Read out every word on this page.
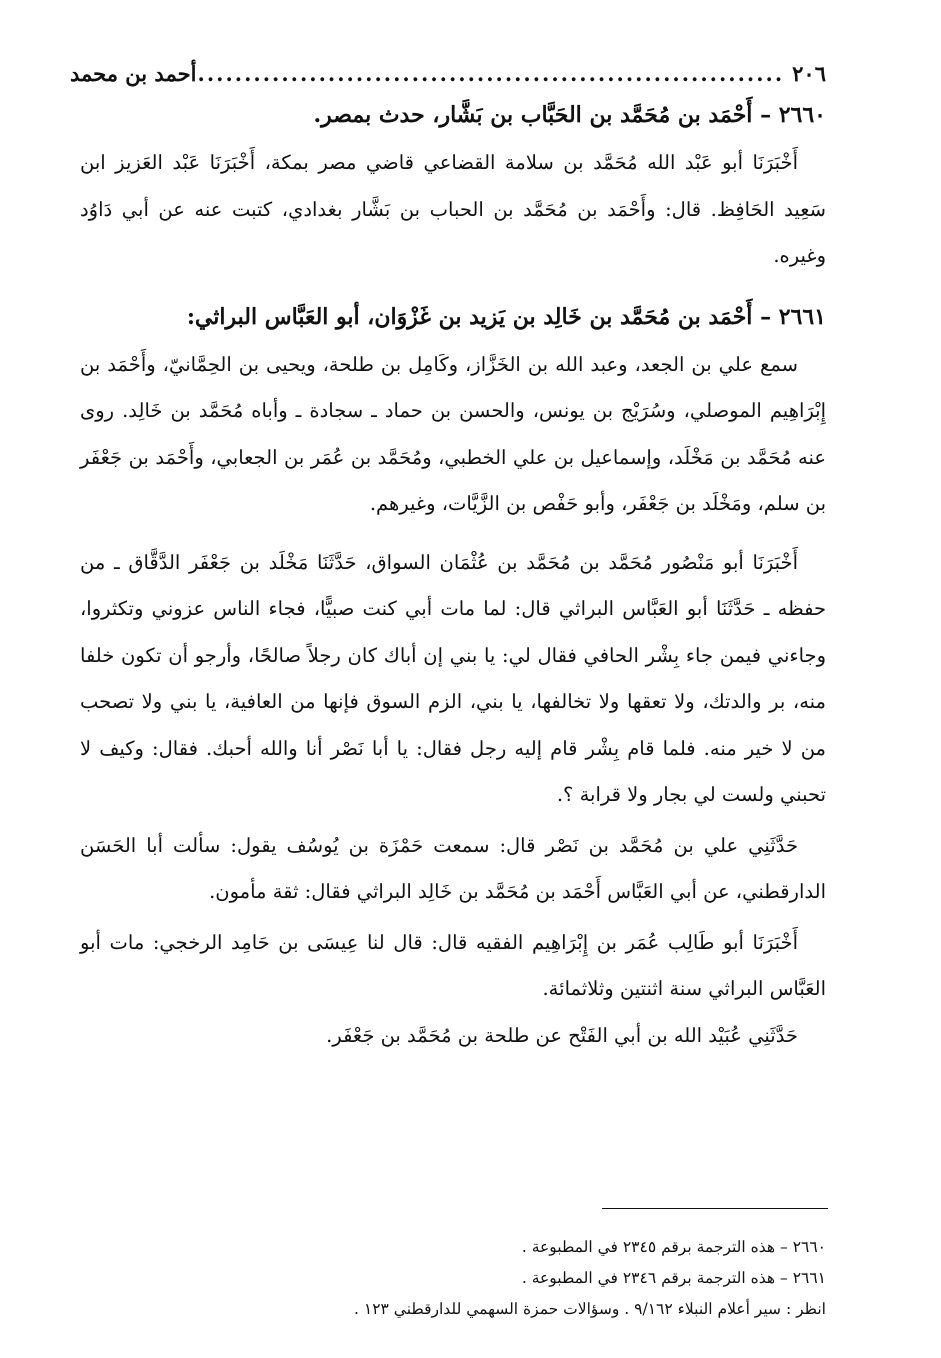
٢٠٦
.....
أحمد بن محمد

٢٦٦٠ – أَحْمَد بن مُحَمَّد بن الحَبَّاب بن بَشَّار، حدث بمصر.

أَخْبَرَنَا أبو عَبْد الله مُحَمَّد بن سلامة القضاعي قاضي مصر بمكة، أَخْبَرَنَا عَبْد العَزيز ابن سَعِيد الحَافِظ. قال: وأَحْمَد بن مُحَمَّد بن الحباب بن بَشَّار بغدادي، كتبت عنه عن أبي دَاوُد وغيره.

٢٦٦١ – أَحْمَد بن مُحَمَّد بن خَالِد بن يَزيد بن غَزْوَان، أبو العَبَّاس البراثي:

سمع علي بن الجعد، وعبد الله بن الخَزَّاز، وكَامِل بن طلحة، ويحيى بن الحِمَّانيّ، وأَحْمَد بن إِبْرَاهِيم الموصلي، وسُرَيْج بن يونس، والحسن بن حماد ـ سجادة ـ وأباه مُحَمَّد بن خَالِد. روى عنه مُحَمَّد بن مَخْلَد، وإسماعيل بن علي الخطبي، ومُحَمَّد بن عُمَر بن الجعابي، وأَحْمَد بن جَعْفَر بن سلم، ومَخْلَد بن جَعْفَر، وأبو حَفْص بن الزَّيَّات، وغيرهم.

أَخْبَرَنَا أبو مَنْصُور مُحَمَّد بن مُحَمَّد بن عُثْمَان السواق، حَدَّثَنَا مَخْلَد بن جَعْفَر الدَّقَّاق ـ من حفظه ـ حَدَّثَنَا أبو العَبَّاس البراثي قال: لما مات أبي كنت صبيًّا، فجاء الناس عزوني وتكثروا، وجاءني فيمن جاء بِشْر الحافي فقال لي: يا بني إن أباك كان رجلاً صالحًا، وأرجو أن تكون خلفا منه، بر والدتك، ولا تعقها ولا تخالفها، يا بني، الزم السوق فإنها من العافية، يا بني ولا تصحب من لا خير منه. فلما قام بِشْر قام إليه رجل فقال: يا أبا نَصْر أنا والله أحبك. فقال: وكيف لا تحبني ولست لي بجار ولا قرابة ؟.

حَدَّثَنِي علي بن مُحَمَّد بن نَصْر قال: سمعت حَمْزَة بن يُوسُف يقول: سألت أبا الحَسَن الدارقطني، عن أبي العَبَّاس أَحْمَد بن مُحَمَّد بن خَالِد البراثي فقال: ثقة مأمون.

أَخْبَرَنَا أبو طَالِب عُمَر بن إِبْرَاهِيم الفقيه قال: قال لنا عِيسَى بن حَامِد الرخجي: مات أبو العَبَّاس البراثي سنة اثنتين وثلاثمائة.

حَدَّثَنِي عُبَيْد الله بن أبي الفَتْح عن طلحة بن مُحَمَّد بن جَعْفَر.

٢٦٦٠ – هذه الترجمة برقم ٢٣٤٥ في المطبوعة .

٢٦٦١ – هذه الترجمة برقم ٢٣٤٦ في المطبوعة .

انظر : سير أعلام النبلاء ٩/١٦٢ . وسؤالات حمزة السهمي للدارقطني ١٢٣ .
